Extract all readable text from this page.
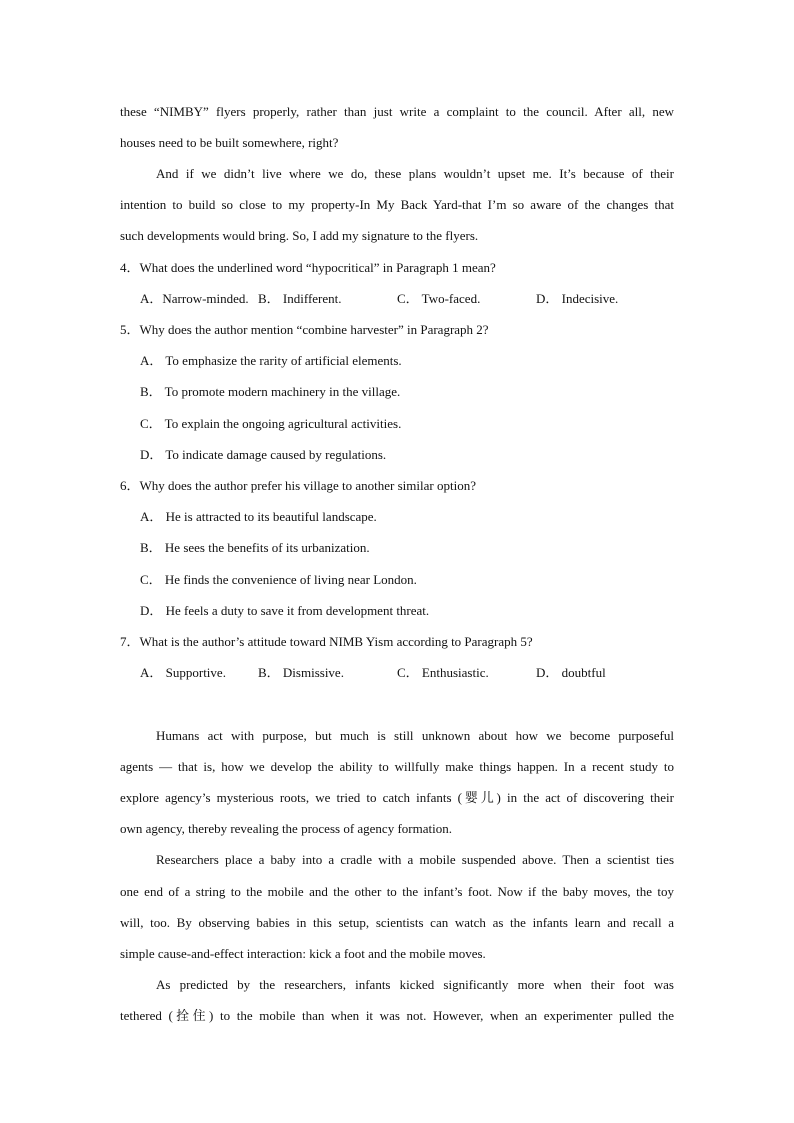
these “NIMBY” flyers properly, rather than just write a complaint to the council. After all, new
houses need to be built somewhere, right?
And if we didn’t live where we do, these plans wouldn’t upset me. It’s because of their
intention to build so close to my property-In My Back Yard-that I’m so aware of the changes that
such developments would bring. So, I add my signature to the flyers.
4．What does the underlined word “hypocritical” in Paragraph 1 mean?
A．Narrow-minded. B． Indifferent.	C． Two-faced.	D． Indecisive.
5．Why does the author mention “combine harvester” in Paragraph 2?
A． To emphasize the rarity of artificial elements.
B． To promote modern machinery in the village.
C． To explain the ongoing agricultural activities.
D． To indicate damage caused by regulations.
6．Why does the author prefer his village to another similar option?
A． He is attracted to its beautiful landscape.
B． He sees the benefits of its urbanization.
C． He finds the convenience of living near London.
D． He feels a duty to save it from development threat.
7．What is the author’s attitude toward NIMB Yism according to Paragraph 5?
A． Supportive. B． Dismissive.	C． Enthusiastic.	D． doubtful
Humans act with purpose, but much is still unknown about how we become purposeful
agents — that is, how we develop the ability to willfully make things happen. In a recent study to
explore agency’s mysterious roots, we tried to catch infants (婴儿) in the act of discovering their
own agency, thereby revealing the process of agency formation.
Researchers place a baby into a cradle with a mobile suspended above. Then a scientist ties
one end of a string to the mobile and the other to the infant’s foot. Now if the baby moves, the toy
will, too. By observing babies in this setup, scientists can watch as the infants learn and recall a
simple cause-and-effect interaction: kick a foot and the mobile moves.
As predicted by the researchers, infants kicked significantly more when their foot was
tethered (拴住) to the mobile than when it was not. However, when an experimenter pulled the
